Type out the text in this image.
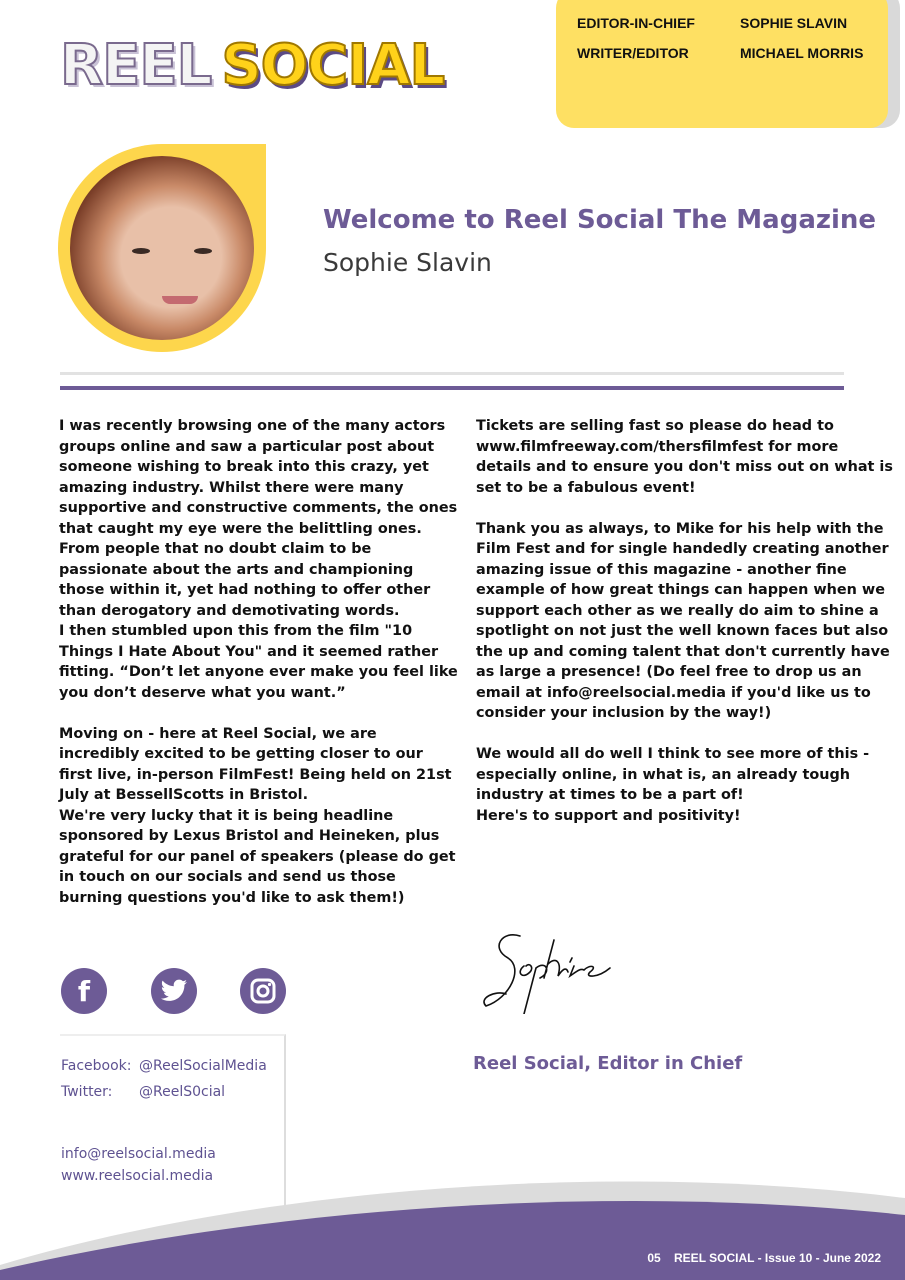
REEL SOCIAL
EDITOR-IN-CHIEF	SOPHIE SLAVIN
WRITER/EDITOR	MICHAEL MORRIS
Welcome to Reel Social The Magazine
Sophie Slavin

I was recently browsing one of the many actors groups online and saw a particular post about someone wishing to break into this crazy, yet amazing industry. Whilst there were many supportive and constructive comments, the ones that caught my eye were the belittling ones. From people that no doubt claim to be passionate about the arts and championing those within it, yet had nothing to offer other than derogatory and demotivating words.
I then stumbled upon this from the film "10 Things I Hate About You" and it seemed rather fitting. “Don’t let anyone ever make you feel like you don’t deserve what you want.”

Moving on - here at Reel Social, we are incredibly excited to be getting closer to our first live, in-person FilmFest! Being held on 21st July at BessellScotts in Bristol.
We're very lucky that it is being headline sponsored by Lexus Bristol and Heineken, plus grateful for our panel of speakers (please do get in touch on our socials and send us those burning questions you'd like to ask them!)

Tickets are selling fast so please do head to www.filmfreeway.com/thersfilmfest for more details and to ensure you don't miss out on what is set to be a fabulous event!

Thank you as always, to Mike for his help with the Film Fest and for single handedly creating another amazing issue of this magazine - another fine example of how great things can happen when we support each other as we really do aim to shine a spotlight on not just the well known faces but also the up and coming talent that don't currently have as large a presence! (Do feel free to drop us an email at info@reelsocial.media if you'd like us to consider your inclusion by the way!)

We would all do well I think to see more of this - especially online, in what is, an already tough industry at times to be a part of!
Here's to support and positivity!

f
Facebook: @ReelSocialMedia
Twitter: @ReelS0cial
info@reelsocial.media
www.reelsocial.media
Reel Social, Editor in Chief
05 REEL SOCIAL - Issue 10 - June 2022
